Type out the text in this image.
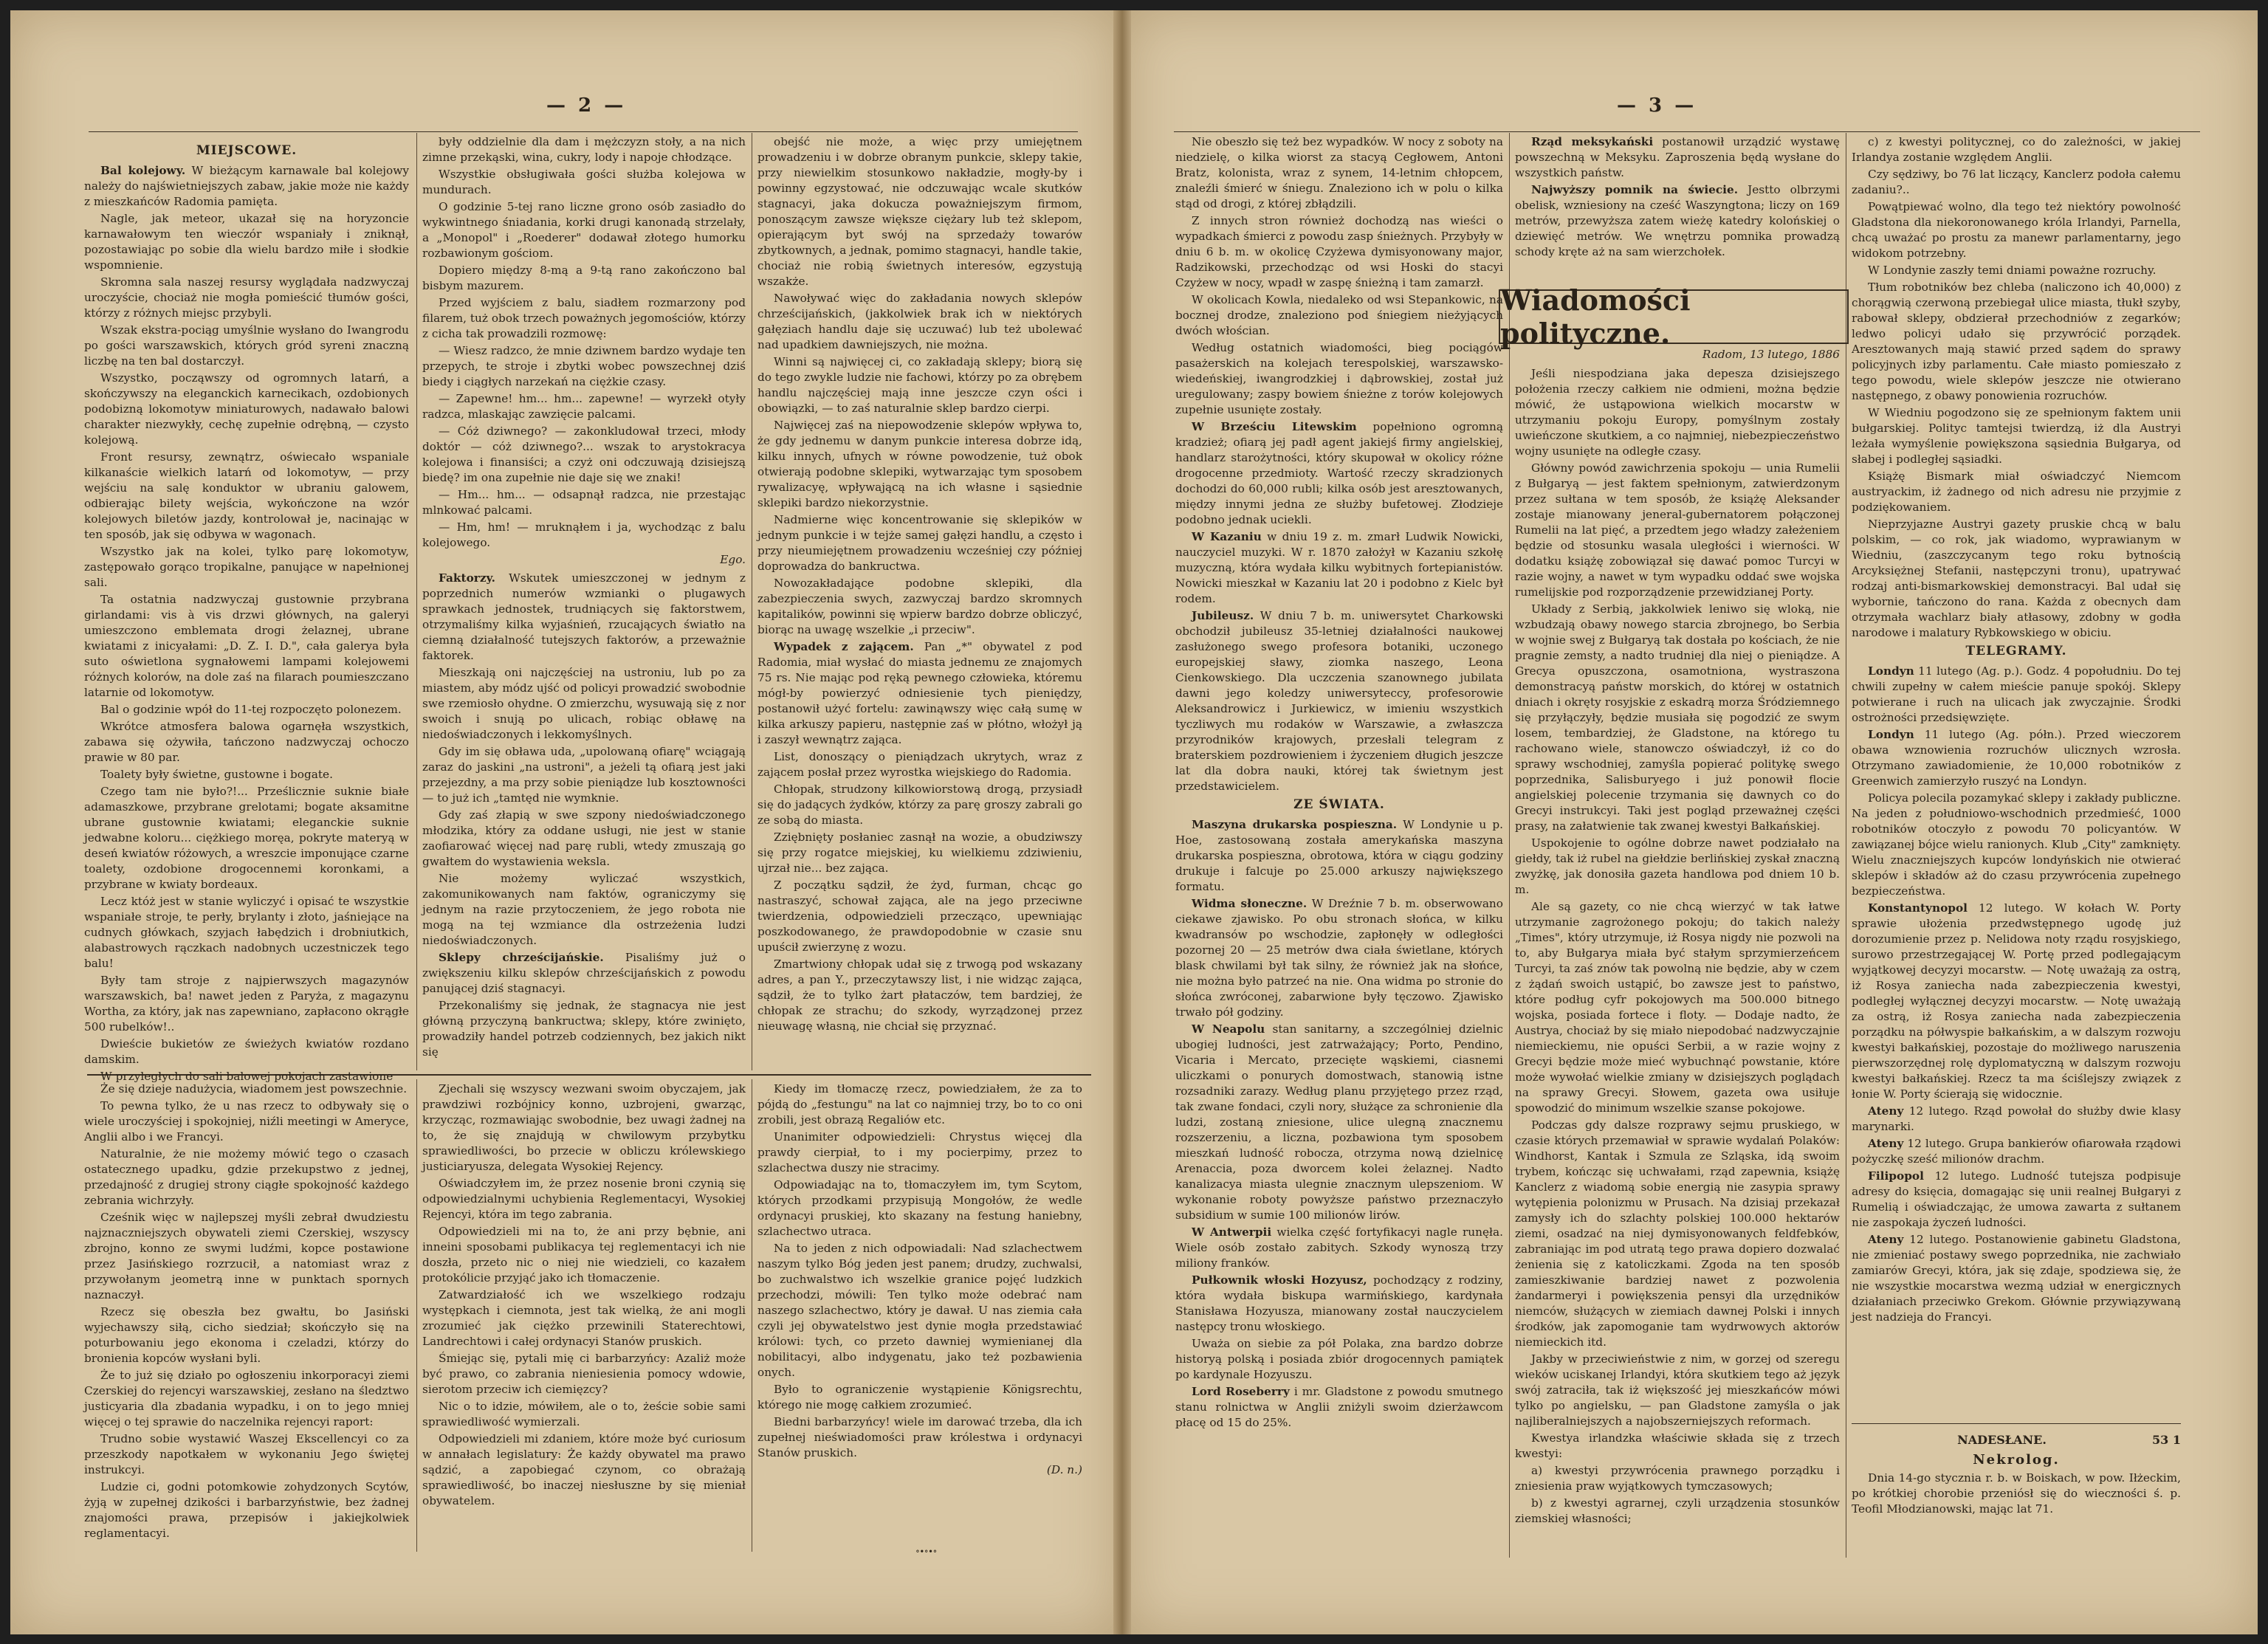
— 2 —	— 3 —
MIEJSCOWE.

Bal kolejowy. W bieżącym karnawale bal kolejowy należy do najświetniejszych zabaw, jakie może nie każdy z mieszkańców Radomia pamięta.

Nagle, jak meteor, ukazał się na horyzoncie karnawałowym ten wieczór wspaniały i zniknął, pozostawiając po sobie dla wielu bardzo miłe i słodkie wspomnienie.

Skromna sala naszej resursy wyglądała nadzwyczaj uroczyście, chociaż nie mogła pomieścić tłumów gości, którzy z różnych miejsc przybyli.

Wszak ekstra-pociąg umyślnie wysłano do Iwangrodu po gości warszawskich, których gród syreni znaczną liczbę na ten bal dostarczył.

Wszystko, począwszy od ogromnych latarń, a skończywszy na eleganckich karnecikach, ozdobionych podobizną lokomotyw miniaturowych, nadawało balowi charakter niezwykły, cechę zupełnie odrębną, — czysto kolejową.

Front resursy, zewnątrz, oświecało wspaniale kilkanaście wielkich latarń od lokomotyw, — przy wejściu na salę konduktor w ubraniu galowem, odbierając bilety wejścia, wykończone na wzór kolejowych biletów jazdy, kontrolował je, nacinając w ten sposób, jak się odbywa w wagonach.

Wszystko jak na kolei, tylko parę lokomotyw, zastępowało gorąco tropikalne, panujące w napełnionej sali.

Ta ostatnia nadzwyczaj gustownie przybrana girlandami: vis à vis drzwi głównych, na galeryi umieszczono emblemata drogi żelaznej, ubrane kwiatami z inicyałami: „D. Z. I. D.", cała galerya była suto oświetlona sygnałowemi lampami kolejowemi różnych kolorów, na dole zaś na filarach poumieszczano latarnie od lokomotyw.

Bal o godzinie wpół do 11-tej rozpoczęto polonezem.

Wkrótce atmosfera balowa ogarnęła wszystkich, zabawa się ożywiła, tańczono nadzwyczaj ochoczo prawie w 80 par.

Toalety były świetne, gustowne i bogate.

Czego tam nie było?!... Prześlicznie suknie białe adamaszkowe, przybrane grelotami; bogate aksamitne ubrane gustownie kwiatami; eleganckie suknie jedwabne koloru... ciężkiego moręa, pokryte materyą w deseń kwiatów różowych, a wreszcie imponujące czarne toalety, ozdobione drogocennemi koronkami, a przybrane w kwiaty bordeaux.

Lecz któż jest w stanie wyliczyć i opisać te wszystkie wspaniałe stroje, te perły, brylanty i złoto, jaśniejące na cudnych główkach, szyjach łabędzich i drobniutkich, alabastrowych rączkach nadobnych uczestniczek tego balu!

Były tam stroje z najpierwszych magazynów warszawskich, ba! nawet jeden z Paryża, z magazynu Wortha, za który, jak nas zapewniano, zapłacono okrągłe 500 rubelków!..

Dwieście bukietów ze świeżych kwiatów rozdano damskim.

W przyległych do sali balowej pokojach zastawione

były oddzielnie dla dam i mężczyzn stoły, a na nich zimne przekąski, wina, cukry, lody i napoje chłodzące.

Wszystkie obsługiwała gości służba kolejowa w mundurach.

O godzinie 5-tej rano liczne grono osób zasiadło do wykwintnego śniadania, korki drugi kanonadą strzelały, a „Monopol" i „Roederer" dodawał złotego humorku rozbawionym gościom.

Dopiero między 8-mą a 9-tą rano zakończono bal bisbym mazurem.

Przed wyjściem z balu, siadłem rozmarzony pod filarem, tuż obok trzech poważnych jegomościów, którzy z cicha tak prowadzili rozmowę:

— Wiesz radzco, że mnie dziwnem bardzo wydaje ten przepych, te stroje i zbytki wobec powszechnej dziś biedy i ciągłych narzekań na ciężkie czasy.

— Zapewne! hm... hm... zapewne! — wyrzekł otyły radzca, mlaskając zawzięcie palcami.

— Cóż dziwnego? — zakonkludował trzeci, młody doktór — cóż dziwnego?... wszak to arystokracya kolejowa i finansiści; a czyż oni odczuwają dzisiejszą biedę? im ona zupełnie nie daje się we znaki!

— Hm... hm... — odsapnął radzca, nie przestając mlnkować palcami.

— Hm, hm! — mruknąłem i ja, wychodząc z balu kolejowego.

Ego.

Faktorzy. Wskutek umieszczonej w jednym z poprzednich numerów wzmianki o plugawych sprawkach jednostek, trudniących się faktorstwem, otrzymaliśmy kilka wyjaśnień, rzucających światło na ciemną działalność tutejszych faktorów, a przeważnie faktorek.

Mieszkają oni najczęściej na ustroniu, lub po za miastem, aby módz ujść od policyi prowadzić swobodnie swe rzemiosło ohydne. O zmierzchu, wysuwają się z nor swoich i snują po ulicach, robiąc obławę na niedoświadczonych i lekkomyślnych.

Gdy im się obława uda, „upolowaną ofiarę" wciągają zaraz do jaskini „na ustroni", a jeżeli tą ofiarą jest jaki przejezdny, a ma przy sobie pieniądze lub kosztowności — to już ich „tamtęd nie wymknie.

Gdy zaś złapią w swe szpony niedoświadczonego młodzika, który za oddane usługi, nie jest w stanie zaofiarować więcej nad parę rubli, wtedy zmuszają go gwałtem do wystawienia weksla.

Nie możemy wyliczać wszystkich, zakomunikowanych nam faktów, ograniczymy się jednym na razie przytoczeniem, że jego robota nie mogą na tej wzmiance dla ostrzeżenia ludzi niedoświadczonych.

Sklepy chrześcijańskie. Pisaliśmy już o zwiększeniu kilku sklepów chrześcijańskich z powodu panującej dziś stagnacyi.

Przekonaliśmy się jednak, że stagnacya nie jest główną przyczyną bankructwa; sklepy, które zwinięto, prowadziły handel potrzeb codziennych, bez jakich nikt się

obejść nie może, a więc przy umiejętnem prowadzeniu i w dobrze obranym punkcie, sklepy takie, przy niewielkim stosunkowo nakładzie, mogły-by i powinny egzystować, nie odczuwając wcale skutków stagnacyi, jaka dokucza poważniejszym firmom, ponoszącym zawsze większe ciężary lub też sklepom, opierającym byt swój na sprzedaży towarów zbytkownych, a jednak, pomimo stagnacyi, handle takie, chociaż nie robią świetnych interesów, egzystują wszakże.

Nawoływać więc do zakładania nowych sklepów chrześcijańskich, (jakkolwiek brak ich w niektórych gałęziach handlu daje się uczuwać) lub też ubolewać nad upadkiem dawniejszych, nie można.

Winni są najwięcej ci, co zakładają sklepy; biorą się do tego zwykle ludzie nie fachowi, którzy po za obrębem handlu najczęściej mają inne jeszcze czyn ości i obowiązki, — to zaś naturalnie sklep bardzo cierpi.

Najwięcej zaś na niepowodzenie sklepów wpływa to, że gdy jednemu w danym punkcie interesa dobrze idą, kilku innych, ufnych w równe powodzenie, tuż obok otwierają podobne sklepiki, wytwarzając tym sposobem rywalizacyę, wpływającą na ich własne i sąsiednie sklepiki bardzo niekorzystnie.

Nadmierne więc koncentrowanie się sklepików w jednym punkcie i w tejże samej gałęzi handlu, a często i przy nieumiejętnem prowadzeniu wcześniej czy później doprowadza do bankructwa.

Nowozakładające podobne sklepiki, dla zabezpieczenia swych, zazwyczaj bardzo skromnych kapitalików, powinni się wpierw bardzo dobrze obliczyć, biorąc na uwagę wszelkie „i przeciw".

Wypadek z zającem. Pan „*" obywatel z pod Radomia, miał wysłać do miasta jednemu ze znajomych 75 rs. Nie mając pod ręką pewnego człowieka, któremu mógł-by powierzyć odniesienie tych pieniędzy, postanowił użyć fortelu: zawinąwszy więc całą sumę w kilka arkuszy papieru, następnie zaś w płótno, włożył ją i zaszył wewnątrz zająca.

List, donoszący o pieniądzach ukrytych, wraz z zającem posłał przez wyrostka wiejskiego do Radomia.

Chłopak, strudzony kilkowiorstową drogą, przysiadł się do jadących żydków, którzy za parę groszy zabrali go ze sobą do miasta.

Zziębnięty posłaniec zasnął na wozie, a obudziwszy się przy rogatce miejskiej, ku wielkiemu zdziwieniu, ujrzał nie... bez zająca.

Z początku sądził, że żyd, furman, chcąc go nastraszyć, schował zająca, ale na jego przeciwne twierdzenia, odpowiedzieli przecząco, upewniając poszkodowanego, że prawdopodobnie w czasie snu upuścił zwierzynę z wozu.

Zmartwiony chłopak udał się z trwogą pod wskazany adres, a pan Y., przeczytawszy list, i nie widząc zająca, sądził, że to tylko żart płataczów, tem bardziej, że chłopak ze strachu; do szkody, wyrządzonej przez nieuwagę własną, nie chciał się przyznać.

Że się dzieje nadużycia, wiadomem jest powszechnie.

To pewna tylko, że u nas rzecz to odbywały się o wiele uroczyściej i spokojniej, niźli meetingi w Ameryce, Anglii albo i we Francyi.

Naturalnie, że nie możemy mówić tego o czasach ostatecznego upadku, gdzie przekupstwo z jednej, przedajność z drugiej strony ciągłe spokojność każdego zebrania wichrzyły.

Cześnik więc w najlepszej myśli zebrał dwudziestu najznaczniejszych obywateli ziemi Czerskiej, wszyscy zbrojno, konno ze swymi ludźmi, kopce postawione przez Jasińskiego rozrzucił, a natomiast wraz z przywołanym jeometrą inne w punktach spornych naznaczył.

Rzecz się obeszła bez gwałtu, bo Jasiński wyjechawszy siłą, cicho siedział; skończyło się na poturbowaniu jego ekonoma i czeladzi, którzy do bronienia kopców wysłani byli.

Że to już się działo po ogłoszeniu inkorporacyi ziemi Czerskiej do rejencyi warszawskiej, zesłano na śledztwo justicyaria dla zbadania wypadku, i on to jego mniej więcej o tej sprawie do naczelnika rejencyi raport:

Trudno sobie wystawić Waszej Ekscellencyi co za przeszkody napotkałem w wykonaniu Jego świętej instrukcyi.

Ludzie ci, godni potomkowie zohydzonych Scytów, żyją w zupełnej dzikości i barbarzyństwie, bez żadnej znajomości prawa, przepisów i jakiejkolwiek reglamentacyi.

Zjechali się wszyscy wezwani swoim obyczajem, jak prawdziwi rozbójnicy konno, uzbrojeni, gwarząc, krzycząc, rozmawiając swobodnie, bez uwagi żadnej na to, że się znajdują w chwilowym przybytku sprawiedliwości, bo przecie w obliczu królewskiego justiciaryusza, delegata Wysokiej Rejency.

Oświadczyłem im, że przez nosenie broni czynią się odpowiedzialnymi uchybienia Reglementacyi, Wysokiej Rejencyi, która im tego zabrania.

Odpowiedzieli mi na to, że ani przy bębnie, ani inneini sposobami publikacya tej reglementacyi ich nie doszła, przeto nic o niej nie wiedzieli, co kazałem protokólicie przyjąć jako ich tłomaczenie.

Zatwardziałość ich we wszelkiego rodzaju występkach i ciemnota, jest tak wielką, że ani mogli zrozumieć jak ciężko przewinili Staterechtowi, Landrechtowi i całej ordynacyi Stanów pruskich.

Śmiejąc się, pytali mię ci barbarzyńcy: Azaliż może być prawo, co zabrania nieniesienia pomocy wdowie, sierotom przeciw ich ciemięzcy?

Nic o to idzie, mówiłem, ale o to, żeście sobie sami sprawiedliwość wymierzali.

Odpowiedzieli mi zdaniem, które może być curiosum w annałach legislatury: Że każdy obywatel ma prawo sądzić, a zapobiegać czynom, co obrażają sprawiedliwość, bo inaczej niesłuszne by się mieniał obywatelem.

Kiedy im tłomaczę rzecz, powiedziałem, że za to pójdą do „festungu" na lat co najmniej trzy, bo to co oni zrobili, jest obrazą Regaliów etc.

Unanimiter odpowiedzieli: Chrystus więcej dla prawdy cierpiał, to i my pocierpimy, przez to szlachectwa duszy nie stracimy.

Odpowiadając na to, tłomaczyłem im, tym Scytom, których przodkami przypisują Mongołów, że wedle ordynacyi pruskiej, kto skazany na festung haniebny, szlachectwo utraca.

Na to jeden z nich odpowiadali: Nad szlachectwem naszym tylko Bóg jeden jest panem; drudzy, zuchwalsi, bo zuchwalstwo ich wszelkie granice pojęć ludzkich przechodzi, mówili: Ten tylko może odebrać nam naszego szlachectwo, który je dawał. U nas ziemia cała czyli jej obywatelstwo jest dynie mogła przedstawiać królowi: tych, co przeto dawniej wymienianej dla nobilitacyi, albo indygenatu, jako też pozbawienia onych.

Było to ograniczenie wystąpienie Königsrechtu, którego nie mogę całkiem zrozumieć.

Biedni barbarzyńcy! wiele im darować trzeba, dla ich zupełnej nieświadomości praw królestwa i ordynacyi Stanów pruskich.

(D. n.)
∘∙∘∙∘

Nie obeszło się też bez wypadków. W nocy z soboty na niedzielę, o kilka wiorst za stacyą Cegłowem, Antoni Bratz, kolonista, wraz z synem, 14-letnim chłopcem, znaleźli śmierć w śniegu. Znaleziono ich w polu o kilka stąd od drogi, z której zbłądzili.

Z innych stron również dochodzą nas wieści o wypadkach śmierci z powodu zasp śnieżnych. Przybyły w dniu 6 b. m. w okolicę Czyżewa dymisyonowany major, Radzikowski, przechodząc od wsi Hoski do stacyi Czyżew w nocy, wpadł w zaspę śnieżną i tam zamarzł.

W okolicach Kowla, niedaleko od wsi Stepankowic, na bocznej drodze, znaleziono pod śniegiem nieżyjących dwóch włościan.

Według ostatnich wiadomości, bieg pociągów pasażerskich na kolejach terespolskiej, warszawsko-wiedeńskiej, iwangrodzkiej i dąbrowskiej, został już uregulowany; zaspy bowiem śnieżne z torów kolejowych zupełnie usunięte zostały.

W Brześciu Litewskim popełniono ogromną kradzież; ofiarą jej padł agent jakiejś firmy angielskiej, handlarz starożytności, który skupował w okolicy różne drogocenne przedmioty. Wartość rzeczy skradzionych dochodzi do 60,000 rubli; kilka osób jest aresztowanych, między innymi jedna ze służby bufetowej. Złodzieje podobno jednak uciekli.

W Kazaniu w dniu 19 z. m. zmarł Ludwik Nowicki, nauczyciel muzyki. W r. 1870 założył w Kazaniu szkołę muzyczną, która wydała kilku wybitnych fortepianistów. Nowicki mieszkał w Kazaniu lat 20 i podobno z Kielc był rodem.

Jubileusz. W dniu 7 b. m. uniwersytet Charkowski obchodził jubileusz 35-letniej działalności naukowej zasłużonego swego profesora botaniki, uczonego europejskiej sławy, ziomka naszego, Leona Cienkowskiego. Dla uczczenia szanownego jubilata dawni jego koledzy uniwersyteccy, profesorowie Aleksandrowicz i Jurkiewicz, w imieniu wszystkich tyczliwych mu rodaków w Warszawie, a zwłaszcza przyrodników krajowych, przesłali telegram z braterskiem pozdrowieniem i życzeniem długich jeszcze lat dla dobra nauki, której tak świetnym jest przedstawicielem.

ZE ŚWIATA.

Maszyna drukarska pospieszna. W Londynie u p. Hoe, zastosowaną została amerykańska maszyna drukarska pospieszna, obrotowa, która w ciągu godziny drukuje i falcuje po 25.000 arkuszy największego formatu.

Widma słoneczne. W Dreźnie 7 b. m. obserwowano ciekawe zjawisko. Po obu stronach słońca, w kilku kwadransów po wschodzie, zapłonęły w odległości pozornej 20 — 25 metrów dwa ciała świetlane, których blask chwilami był tak silny, że również jak na słońce, nie można było patrzeć na nie. Ona widma po stronie do słońca zwróconej, zabarwione były tęczowo. Zjawisko trwało pół godziny.

W Neapolu stan sanitarny, a szczególniej dzielnic ubogiej ludności, jest zatrważający; Porto, Pendino, Vicaria i Mercato, przecięte wąskiemi, ciasnemi uliczkami o ponurych domostwach, stanowią istne rozsadniki zarazy. Według planu przyjętego przez rząd, tak zwane fondaci, czyli nory, służące za schronienie dla ludzi, zostaną zniesione, ulice ulegną znacznemu rozszerzeniu, a liczna, pozbawiona tym sposobem mieszkań ludność robocza, otrzyma nową dzielnicę Arenaccia, poza dworcem kolei żelaznej. Nadto kanalizacya miasta ulegnie znacznym ulepszeniom. W wykonanie roboty powyższe państwo przeznaczyło subsidium w sumie 100 milionów lirów.

W Antwerpii wielka część fortyfikacyi nagle runęła. Wiele osób zostało zabitych. Szkody wynoszą trzy miliony franków.

Pułkownik włoski Hozyusz, pochodzący z rodziny, która wydała biskupa warmińskiego, kardynała Stanisława Hozyusza, mianowany został nauczycielem następcy tronu włoskiego.

Uważa on siebie za pół Polaka, zna bardzo dobrze historyą polską i posiada zbiór drogocennych pamiątek po kardynale Hozyuszu.

Lord Roseberry i mr. Gladstone z powodu smutnego stanu rolnictwa w Anglii zniżyli swoim dzierżawcom płacę od 15 do 25%.

Rząd meksykański postanowił urządzić wystawę powszechną w Meksyku. Zaproszenia będą wysłane do wszystkich państw.

Najwyższy pomnik na świecie. Jestto olbrzymi obelisk, wzniesiony na cześć Waszyngtona; liczy on 169 metrów, przewyższa zatem wieżę katedry kolońskiej o dziewięć metrów. We wnętrzu pomnika prowadzą schody kręte aż na sam wierzchołek.

Wiadomości polityczne.
Radom, 13 lutego, 1886

Jeśli niespodziana jaka depesza dzisiejszego położenia rzeczy całkiem nie odmieni, można będzie mówić, że ustąpowiona wielkich mocarstw w utrzymaniu pokoju Europy, pomyślnym zostały uwieńczone skutkiem, a co najmniej, niebezpieczeństwo wojny usunięte na odległe czasy.

Główny powód zawichrzenia spokoju — unia Rumelii z Bułgaryą — jest faktem spełnionym, zatwierdzonym przez sułtana w tem sposób, że książę Aleksander zostaje mianowany jeneral-gubernatorem połączonej Rumelii na lat pięć, a przedtem jego władzy załeżeniem będzie od stosunku wasala uległości i wierności. W dodatku książę zobowiązał się dawać pomoc Turcyi w razie wojny, a nawet w tym wypadku oddać swe wojska rumelijskie pod rozporządzenie przewidzianej Porty.

Układy z Serbią, jakkolwiek leniwo się wloką, nie wzbudzają obawy nowego starcia zbrojnego, bo Serbia w wojnie swej z Bułgaryą tak dostała po kościach, że nie pragnie zemsty, a nadto trudniej dla niej o pieniądze. A Grecya opuszczona, osamotniona, wystraszona demonstracyą państw morskich, do której w ostatnich dniach i okręty rosyjskie z eskadrą morza Śródziemnego się przyłączyły, będzie musiała się pogodzić ze swym losem, tembardziej, że Gladstone, na którego tu rachowano wiele, stanowczo oświadczył, iż co do sprawy wschodniej, zamyśla popierać politykę swego poprzednika, Salisburyego i już ponowił flocie angielskiej polecenie trzymania się dawnych co do Grecyi instrukcyi. Taki jest pogląd przeważnej części prasy, na załatwienie tak zwanej kwestyi Bałkańskiej.

Uspokojenie to ogólne dobrze nawet podziałało na giełdy, tak iż rubel na giełdzie berlińskiej zyskał znaczną zwyżkę, jak donosiła gazeta handlowa pod dniem 10 b. m.

Ale są gazety, co nie chcą wierzyć w tak łatwe utrzymanie zagrożonego pokoju; do takich należy „Times", który utrzymuje, iż Rosya nigdy nie pozwoli na to, aby Bułgarya miała być stałym sprzymierzeńcem Turcyi, ta zaś znów tak powolną nie będzie, aby w czem z żądań swoich ustąpić, bo zawsze jest to państwo, które podług cyfr pokojowych ma 500.000 bitnego wojska, posiada fortece i floty. — Dodaje nadto, że Austrya, chociaż by się miało niepodobać nadzwyczajnie niemieckiemu, nie opuści Serbii, a w razie wojny z Grecyi będzie może mieć wybuchnąć powstanie, które może wywołać wielkie zmiany w dzisiejszych poglądach na sprawy Grecyi. Słowem, gazeta owa usiłuje spowodzić do minimum wszelkie szanse pokojowe.

Podczas gdy dalsze rozprawy sejmu pruskiego, w czasie których przemawiał w sprawie wydalań Polaków: Windhorst, Kantak i Szmula ze Szląska, idą swoim trybem, kończąc się uchwałami, rząd zapewnia, książę Kanclerz z wiadomą sobie energią nie zasypia sprawy wytępienia polonizmu w Prusach. Na dzisiaj przekazał zamysły ich do szlachty polskiej 100.000 hektarów ziemi, osadzać na niej dymisyonowanych feldfebków, zabraniając im pod utratą tego prawa dopiero dozwalać żenienia się z katoliczkami. Zgoda na ten sposób zamieszkiwanie bardziej nawet z pozwolenia żandarmeryi i powiększenia pensyi dla urzędników niemców, służących w ziemiach dawnej Polski i innych środków, jak zapomoganie tam wydrwowych aktorów niemieckich itd.

Jakby w przeciwieństwie z nim, w gorzej od szeregu wieków uciskanej Irlandyi, która skutkiem tego aż język swój zatraciła, tak iż większość jej mieszkańców mówi tylko po angielsku, — pan Gladstone zamyśla o jak najliberalniejszych a najobszerniejszych reformach.

Kwestya irlandzka właściwie składa się z trzech kwestyi:

a) kwestyi przywrócenia prawnego porządku i zniesienia praw wyjątkowych tymczasowych;

b) z kwestyi agrarnej, czyli urządzenia stosunków ziemskiej własności;

c) z kwestyi politycznej, co do zależności, w jakiej Irlandya zostanie względem Anglii.

Czy sędziwy, bo 76 lat liczący, Kanclerz podoła całemu zadaniu?..

Powątpiewać wolno, dla tego też niektóry powolność Gladstona dla niekoronowanego króla Irlandyi, Parnella, chcą uważać po prostu za manewr parlamentarny, jego widokom potrzebny.

W Londynie zaszły temi dniami poważne rozruchy.

Tłum robotników bez chleba (naliczono ich 40,000) z chorągwią czerwoną przebiegał ulice miasta, tłukł szyby, rabował sklepy, obdzierał przechodniów z zegarków; ledwo policyi udało się przywrócić porządek. Aresztowanych mają stawić przed sądem do sprawy policyjnych izby parlamentu. Całe miasto pomieszało z tego powodu, wiele sklepów jeszcze nie otwierano następnego, z obawy ponowienia rozruchów.

W Wiedniu pogodzono się ze spełnionym faktem unii bułgarskiej. Polityc tamtejsi twierdzą, iż dla Austryi leżała wymyślenie powiększona sąsiednia Bułgarya, od słabej i podległej sąsiadki.

Książę Bismark miał oświadczyć Niemcom austryackim, iż żadnego od nich adresu nie przyjmie z podziękowaniem.

Nieprzyjazne Austryi gazety pruskie chcą w balu polskim, — co rok, jak wiadomo, wyprawianym w Wiedniu, (zaszczycanym tego roku bytnością Arcyksiężnej Stefanii, następczyni tronu), upatrywać rodzaj anti-bismarkowskiej demonstracyi. Bal udał się wybornie, tańczono do rana. Każda z obecnych dam otrzymała wachlarz biały atłasowy, zdobny w godła narodowe i malatury Rybkowskiego w obiciu.

TELEGRAMY.

Londyn 11 lutego (Ag. p.). Godz. 4 popołudniu. Do tej chwili zupełny w całem mieście panuje spokój. Sklepy potwierane i ruch na ulicach jak zwyczajnie. Środki ostrożności przedsięwzięte.

Londyn 11 lutego (Ag. półn.). Przed wieczorem obawa wznowienia rozruchów ulicznych wzrosła. Otrzymano zawiadomienie, że 10,000 robotników z Greenwich zamierzyło ruszyć na Londyn.

Policya polecila pozamykać sklepy i zakłady publiczne. Na jeden z południowo-wschodnich przedmieść, 1000 robotników otoczyło z powodu 70 policyantów. W zawiązanej bójce wielu ranionych. Klub „City" zamknięty. Wielu znaczniejszych kupców londyńskich nie otwierać sklepów i składów aż do czasu przywrócenia zupełnego bezpieczeństwa.

Konstantynopol 12 lutego. W kołach W. Porty sprawie ułożenia przedwstępnego ugodę już dorozumienie przez p. Nelidowa noty rządu rosyjskiego, surowo przestrzegającej W. Portę przed podlegającym wyjątkowej decyzyi mocarstw. — Notę uważają za ostrą, iż Rosya zaniecha nada zabezpieczenia kwestyi, podległej wyłącznej decyzyi mocarstw. — Notę uważają za ostrą, iż Rosya zaniecha nada zabezpieczenia porządku na półwyspie bałkańskim, a w dalszym rozwoju kwestyi bałkańskiej, pozostaje do możliwego naruszenia pierwszorzędnej rolę dyplomatyczną w dalszym rozwoju kwestyi bałkańskiej. Rzecz ta ma ściślejszy związek z łonie W. Porty ścierają się widocznie.

Ateny 12 lutego. Rząd powołał do służby dwie klasy marynarki.

Ateny 12 lutego. Grupa bankierów ofiarowała rządowi pożyczkę sześć milionów drachm.

Filipopol 12 lutego. Ludność tutejsza podpisuje adresy do księcia, domagając się unii realnej Bułgaryi z Rumelią i oświadczając, że umowa zawarta z sułtanem nie zaspokaja życzeń ludności.

Ateny 12 lutego. Postanowienie gabinetu Gladstona, nie zmieniać postawy swego poprzednika, nie zachwiało zamiarów Grecyi, która, jak się zdaje, spodziewa się, że nie wszystkie mocarstwa wezmą udział w energicznych działaniach przeciwko Grekom. Głównie przywiązywaną jest nadzieja do Francyi.

NADESŁANE.	53 1
Nekrolog.

Dnia 14-go stycznia r. b. w Boiskach, w pow. Iłżeckim, po krótkiej chorobie przeniósł się do wieczności ś. p. Teofil Młodzianowski, mając lat 71.
